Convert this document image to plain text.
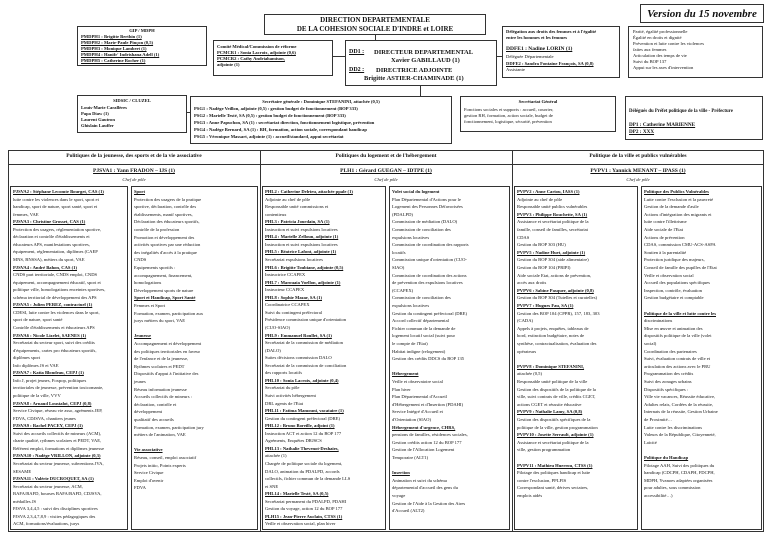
Version du 15 novembre
DIRECTION DEPARTEMENTALE
DE LA COHESION SOCIALE D'INDRE et LOIRE
GIP / MDPH
PMDPH1 : Brigitte Berthin (1)
PMDPH2 : Marie-Paule Pinçon (0,5)
PMDPH3 : Monique Lambert (1)
PMDPH4 : Hanifr' Indrishana Adell (1)
PMDPH5 : Catherine Rocher (1)
Comité Médical/Commission de réforme
PCMCR1 : Sonia Lacroix, adjointe (0,6)
PCMCR2 : Cathy Andriahamison,
adjointe (1)
DD1 : DIRECTEUR DEPARTEMENTAL
Xavier GABILLAUD (1)
DD2 : DIRECTRICE ADJOINTE
Brigitte ASTIER-CHAMINADE (1)
Délégation aux droits des femmes et à l'égalité
entre les hommes et les femmes
DDFE1 : Nadine LORIN (1)
Déléguée Départementale
DDFE2 : Sandra Fontaine François, SA (0,8)
Assistante
Parité, égalité professionnelle
Égalité en droits et dignité
Prévention et lutte contre les violences
faites aux femmes
Articulation des temps de vie
Suivi du BOP 137
Appui sur les axes d'intervention
SIDSIC / CLUZEL
Louis-Marie Carallères
Papa Diaw (1)
Laurent Gautron
Ghislain Lauffer
Secrétaire générale : Dominique STEFANINI, attachée (0,5)
PSG1 : Nadège Veillon, adjointe (0,5) : gestion budget de fonctionnement (BOP 333)
PSG2 : Marielle Testé, SA (0,5) : gestion budget de fonctionnement (BOP 333)
PSG3 : Anne Papuchon, SA (1) : secrétariat direction, fonctionnement logistique, prévention
PSG4 : Nadège Bernard, SA (1) : RH, formation, action sociale, correspondant handicap
PSG5 : Véronique Massart, adjointe (1) : accueil/standard, appui secrétariat
Secrétariat Général
Fonctions sociales et supports : accueil, courrier,
gestion RH, formation, action sociale, budget de
fonctionnement, logistique, sécurité, prévention
Délégués du Préfet politique de la ville - Préfecture
DP1 : Catherine MARIENNE
DP2 : XXX
Politiques de la jeunesse, des sports et de la vie associative	Politiques du logement et de l'hébergement	Politique de la ville et publics vulnérables
PJSVA1 : Yann FRADON – IJS (1)
Chef de pôle
PLH1 : Gérard GUEGAN – IDTPE (1)
Chef de pôle
PVPV1 : Yannick MENANT – IPASS (1)
Chef de pôle
PJSVA2 : Stéphane Lecomte Bourget, CAS (1)
lutte contre les violences dans le sport, sport et
handicap, sport de nature, sport santé, sport et
femmes, VAE
PJSVA3 : Christine Grosset, CAS (1)
Protection des usagers, réglementation sportive,
déclaration et contrôle d'établissements et
éducateurs APS, manifestations sportives,
équipement, réglementation, diplômes (CAEP
MNS, BNSSA), métiers du sport, VAE
PJSVA4 : André Bahon, CAS (1)
CNDS part territoriale, CNDS emploi, CNDS
équipement, accompagnement éducatif, sport et
politique ville, homologations enceintes sportives,
schéma territorial de développement des APS
PJSVA5 : Julien PEREZ, contractuel (1)
CDESI, lutte contre les violences dans le sport,
sport de nature, sport santé
Contrôle d'établissements et éducateurs APS
PJSVA6 : Nicole Lizelet, SAENES (1)
Secrétariat du secteur sport, suivi des crédits
d'équipements, cartes pro éducateurs sportifs,
diplômes sport
Info diplômes JS et VAE
PJSVA7 : Katia Blondeau, CEPJ (1)
Info J, projet jeunes, Foxpop, politiques
territoriales de jeunesse, prévention toxicomanie,
politique de la ville, VVV
PJSVA8 : Arnaud Loustalot, CEPJ (0,8)
Service Civique, réseau vie asso, agréments JEP,
FDVA, CDJSVA, chantiers jeunes
PJSVA9 : Rachel PACEY, CEPJ (1)
Suivi des accueils collectifs de mineurs (ACM),
charte qualité, rythmes scolaires et PEDT, VAE,
Référent emploi, formations et diplômes jeunesse
PJSVA10 : Nadège VRILLON, adjointe (0,3)
Secrétariat du secteur jeunesse, subventions JVA,
SESAME
PJSVA11 : Valérie DUCROQUET, SA (1)
Secrétariat du secteur jeunesse, ACM,
BAFA/BAFD, bourses BAFA/BAFD, CDJSVA,
médailles JS
PJSVA 3,4,4,5 : suivi des disciplines sportives
PJSVA 2,3,4,7,8,9 : visites pédagogiques des
ACM, formations/évaluations, jurys
Sport
Protection des usagers de la pratique
sportive, déclaration, contrôle des
établissements, manif sportives,
Déclaration des éducateurs sportifs,
contrôle de la profession
Promotion et développement des
activités sportives par une réduction
des inégalités d'accès à la pratique
CNDS
Equipements sportifs :
accompagnement, financement,
homologations
Développement sports de nature
Sport et Handicap, Sport Santé
Femmes et Sport
Formation, examen, participation aux
jurys métiers du sport, VAE
Jeunesse
Accompagnement et développement
des politiques territoriales en faveur
de l'enfance et de la jeunesse,
Rythmes scolaires et PEDT
Dispositifs d'appui à l'initiative des
jeunes
Réseau information jeunesse
Accueils collectifs de mineurs :
déclaration, contrôle et
développement
qualitatif des accueils
Formation, examen, participation jury
métiers de l'animation, VAE
Vie associative
Réseau, conseil, emploi associatif
Projets initio, Points experts
Service Civique
Emploi d'avenir
FDVA
PHL2 : Catherine Delrieu, attachée ppale (1)
Adjointe au chef de pôle
Responsable unité commissions et
contentieux
PHL3 : Patricia Jourdain, SA (1)
Instruction et suivi expulsions locatives
PHL4 : Marielle Zelloun, adjointe (1)
Instruction et suivi expulsions locatives
PHL5 : Béatrice Lafont, adjointe (1)
Secrétariat expulsions locatives
PHL6 : Brigitte Toubiane, adjointe (0,5)
Instructrice CCAPEX
PHL7 : Marouaia Voellon, adjointe (1)
Instructeur CCAPEX
PHL8 : Sophie Mazar, SA (1)
Coordinatrice CCAPEX
Suivi du contingent préfectoral
Présidence commission unique d'orientation
(CUO-SIAO)
PHL9 : Emmanuel Roullet, SA (1)
Secrétariat de la commission de médiation
(DALO)
Suites décisions commission DALO
Secrétariat de la commission de conciliation
des rapports locatifs
PHL10 : Sonia Lacroix, adjointe (0,4)
Secrétariat du pôle
Suivi activités hébergement
DRL agents de l'Etat
PHL11 : Fatima Mamouni, vacataire (1)
Gestion du contingent préfectoral (DRE)
PHL12 : Bruno Boreille, adjoint (1)
Instruction ACT et action 12 du BOP 177
Agréments, Enquêtes DRJSCS
PHL13 : Nathalie Thevenot-Deshaies,
attachée (1)
Chargée de politique sociale du logement,
DALO, animation du PDALPD, accords
collectifs, fichier commun de la demande LLS
et SNE
PHL14 : Marielle Testé, SA (0,5)
Secrétariat permanent du PDALPD, PDAHI
Gestion du voyage, action 12 du BOP 177
PLH15 : Jean-Pierre Auclain, CTSS (1)
Veille et observation social, plan hiver
Volet social du logement
Plan Départemental d'Actions pour le
Logement des Personnes Défavorisées
(PDALPD)
Commission de médiation (DALO)
Commission de conciliation des
expulsions locatives
Commission de coordination des rapports
locatifs
Commission unique d'orientation (CUO-
SIAO)
Commission de coordination des actions
de prévention des expulsions locatives
(CCAPEX)
Commission de conciliation des
expulsions locatives
Gestion du contingent préfectoral (DRE)
Accord collectif départemental
Fichier commun de la demande de
logement locatif social (suivi pour
le compte de l'Etat)
Habitat indigne (relogement)
Gestion des crédits DDCS du BOP 135
Hébergement
Veille et observatoire social
Plan hiver
Plan Départemental d'Accueil
d'Hébergement et d'Insertion (PDAHI)
Service Intégré d'Accueil et
d'Orientation (SIAO)
Hébergement d'urgence, CHRS,
pensions de familles, résidences sociales,
Gestion crédits action 12 du BOP 177
Gestion de l'Allocation Logement
Temporaire (ALT1)
Insertion
Animation et suivi du schéma
départemental d'accueil des gens du
voyage
Gestion de l'Aide à la Gestion des Aires
d'Accueil (ALT2)
PVPV2 : Anne Cariou, IASS (1)
Adjointe au chef de pôle
Responsable unité publics vulnérables
PVPV3 : Philippe Rouchette, SA (1)
Assistance et secrétariat politique de la
famille, conseil de familles, secrétariat
CDAS
Gestion du BOP 303 (HU)
PVPV5 : Nadine Huet, adjointe (1)
Gestion du BOP 304 (aide alimentaire)
Gestion du BOP 104 (PRIPI)
Aide sociale Etat, actions de prévention,
accès aux droits
PVPV6 : Sabine Pasquer, adjointe (0,8)
Gestion du BOP 304 (Tutelles et curatelles)
PVPV7 : Hugues Fau, SA (1)
Gestion des BOP 104 (CPPR), 157, 183, 303
(CADA)
Appels à projets, enquêtes, tableaux de
bord, extinction budgétaire, notes de
synthèse, contractualisation, évaluation des
opérateurs
PVPV8 : Dominique STEFANINI,
attachée (0,5)
Responsable unité politique de la ville
Gestion des dispositifs de la politique de la
ville, suivi contrats de ville, crédits CGET,
actions CGET et réussite éducative
PVPV9 : Nathalie Lamy, SA (0,8)
Gestion des dispositifs spécifiques de la
politique de la ville, gestion programmation
PVPV10 : Josette Serrault, adjointe (1)
Assistance et secrétariat politique de la
ville, gestion programmation
PVPV11 : Mathieu Huerrou, CTSS (1)
Pilotage des politiques handicap et lutte
contre l'exclusion, PPLFIS
Correspondant santé, dérives sectaires,
emplois aidés
Politique des Publics Vulnérables
Lutte contre l'exclusion et la pauvreté
Gestion de la demande d'asile
Actions d'intégration des migrants et
lutte contre l'illettrisme
Aide sociale de l'Etat
Actions de prévention
CDAS, commission CMU-ACS-ASPA
Soutien à la parentalité
Protection juridique des majeurs,
Conseil de famille des pupilles de l'Etat
Veille et observation social
Accueil des populations spécifiques
Inspection, contrôle, évaluation
Gestion budgétaire et comptable
Politique de la ville et lutte contre les
discriminations
Mise en œuvre et animation des
dispositifs politique de la ville (volet
social)
Coordination des partenaires
Suivi, évaluation contrats de ville et
articulation des actions avec le PRU
Programmation des crédits
Suivi des zonages urbains
Dispositifs spécifiques :
Ville vie vacances, Réussite éducative,
Adultes relais, Cordées de la réussite,
Internats de la réussite, Gestion Urbaine
de Proximité…
Lutte contre les discriminations
Valeurs de la République, Citoyenneté,
Laïcité
Politique du Handicap
Pilotage AAH, Suivi des politiques du
handicap (CDCPH, CDAPH, FDCPH,
MDPH, Yvanoes adaptées organisées
pour adultes, sous commission
accessibilité…)
